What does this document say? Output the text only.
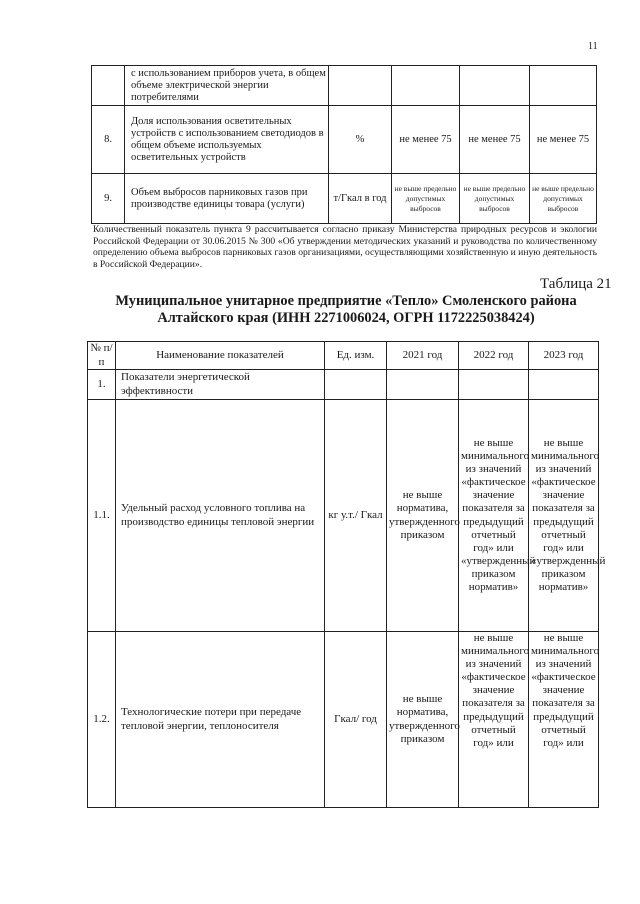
11
	с использованием приборов учета, в общем объеме электрической энергии потребителями				
8.	Доля использования осветительных устройств с использованием светодиодов в общем объеме используемых осветительных устройств	%	не менее 75	не менее 75	не менее 75
9.	Объем выбросов парниковых газов при производстве единицы товара (услуги)	т/Гкал в год	не выше предельно допустимых выбросов	не выше предельно допустимых выбросов	не выше предельно допустимых выбросов
Количественный показатель пункта 9 рассчитывается согласно приказу Министерства природных ресурсов и экологии Российской Федерации от 30.06.2015 № 300 «Об утверждении методических указаний и руководства по количественному определению объема выбросов парниковых газов организациями, осуществляющими хозяйственную и иную деятельность в Российской Федерации».
Таблица 21
Муниципальное унитарное предприятие «Тепло» Смоленского района
Алтайского края (ИНН 2271006024, ОГРН 1172225038424)
№ п/п	Наименование показателей	Ед. изм.	2021 год	2022 год	2023 год
1.	Показатели энергетической эффективности				
1.1.	Удельный расход условного топлива на производство единицы тепловой энергии	кг у.т./ Гкал	не выше норматива, утвержденного приказом	не выше минимального из значений «фактическое значение показателя за предыдущий отчетный год» или «утвержденный приказом норматив»	не выше минимального из значений «фактическое значение показателя за предыдущий отчетный год» или «утвержденный приказом норматив»
1.2.	Технологические потери при передаче тепловой энергии, теплоносителя	Гкал/ год	не выше норматива, утвержденного приказом	не выше минимального из значений «фактическое значение показателя за предыдущий отчетный год» или	не выше минимального из значений «фактическое значение показателя за предыдущий отчетный год» или
